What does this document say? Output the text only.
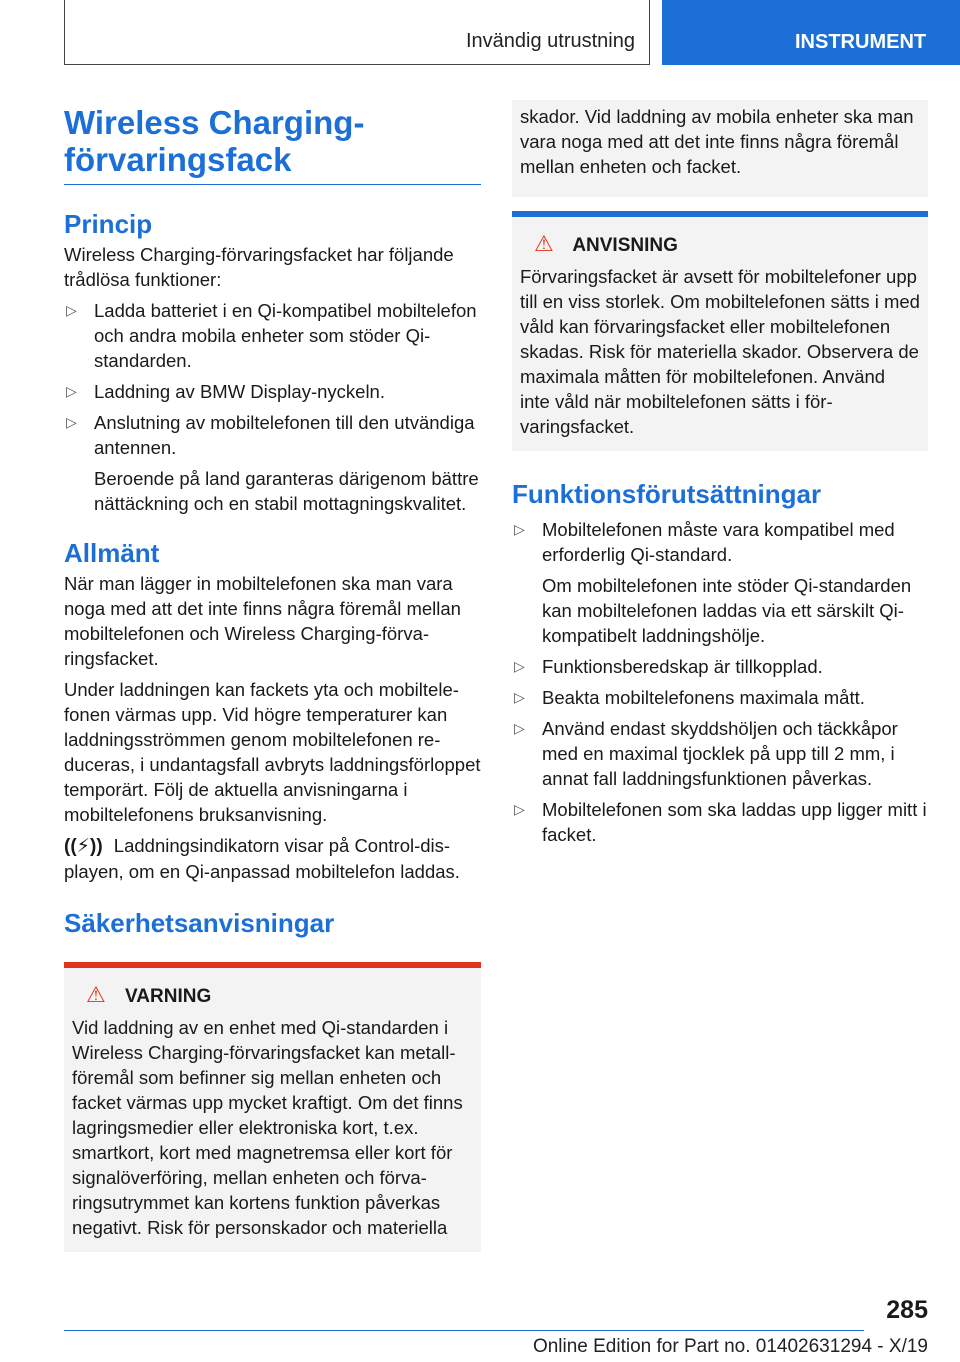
Invändig utrustning	INSTRUMENT
Wireless Charging-
förvaringsfack
Princip

Wireless Charging-förvaringsfacket har följande trådlösa funktioner:

▷ Ladda batteriet i en Qi-kompatibel mobiltelefon och andra mobila enheter som stöder Qi-standarden.
▷ Laddning av BMW Display-nyckeln.
▷ Anslutning av mobiltelefonen till den utvändiga antennen.
Beroende på land garanteras därigenom bättre nättäckning och en stabil mottagningskvalitet.
Allmänt

När man lägger in mobiltelefonen ska man vara noga med att det inte finns några föremål mellan mobiltelefonen och Wireless Charging-förvaringsfacket.

Under laddningen kan fackets yta och mobiltelefonen värmas upp. Vid högre temperaturer kan laddningsströmmen genom mobiltelefonen reduceras, i undantagsfall avbryts laddningsförloppet temporärt. Följ de aktuella anvisningarna i mobiltelefonens bruksanvisning.

((⚡)) Laddningsindikatorn visar på Control-displayen, om en Qi-anpassad mobiltelefon laddas.

Säkerhetsanvisningar
⚠ VARNING

Vid laddning av en enhet med Qi-standarden i Wireless Charging-förvaringsfacket kan metallföremål som befinner sig mellan enheten och facket värmas upp mycket kraftigt. Om det finns lagringsmedier eller elektroniska kort, t.ex. smartkort, kort med magnetremsa eller kort för signalöverföring, mellan enheten och förvaringsutrymmet kan kortens funktion påverkas negativt. Risk för personskador och materiella

skador. Vid laddning av mobila enheter ska man vara noga med att det inte finns några föremål mellan enheten och facket.

⚠ ANVISNING

Förvaringsfacket är avsett för mobiltelefoner upp till en viss storlek. Om mobiltelefonen sätts i med våld kan förvaringsfacket eller mobiltelefonen skadas. Risk för materiella skador. Observera de maximala måtten för mobiltelefonen. Använd inte våld när mobiltelefonen sätts i förvaringsfacket.

Funktionsförutsättningar
▷ Mobiltelefonen måste vara kompatibel med erforderlig Qi-standard.
Om mobiltelefonen inte stöder Qi-standarden kan mobiltelefonen laddas via ett särskilt Qi-kompatibelt laddningshölje.
▷ Funktionsberedskap är tillkopplad.
▷ Beakta mobiltelefonens maximala mått.
▷ Använd endast skyddshöljen och täckkåpor med en maximal tjocklek på upp till 2 mm, i annat fall laddningsfunktionen påverkas.
▷ Mobiltelefonen som ska laddas upp ligger mitt i facket.
285
Online Edition for Part no. 01402631294 - X/19
